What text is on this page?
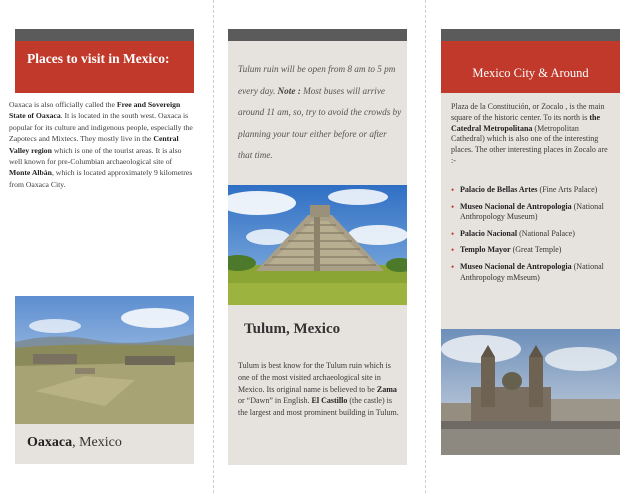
Places to visit in Mexico:
Oaxaca is also officially called the Free and Sovereign State of Oaxaca. It is located in the south west. Oaxaca is popular for its culture and indigenous people, especially the Zapotecs and Mixtecs. They mostly live in the Central Valley region which is one of the tourist areas. It is also well known for pre-Columbian archaeological site of Monte Albán, which is located approximately 9 kilometres from Oaxaca City.
Oaxaca, Mexico
Tulum ruin will be open from 8 am to 5 pm every day. Note : Most buses will arrive around 11 am, so, try to avoid the crowds by planning your tour either before or after that time.
Tulum, Mexico
Tulum is best know for the Tulum ruin which is one of the most visited archaeological site in Mexico. Its original name is believed to be Zama or “Dawn” in English. El Castillo (the castle) is the largest and most prominent building in Tulum.
Mexico City & Around
Plaza de la Constitución, or Zocalo , is the main square of the historic center. To its north is the Catedral Metropolitana (Metropolitan Cathedral) which is also one of the interesting places. The other interesting places in Zocalo are :-
• Palacio de Bellas Artes (Fine Arts Palace)
• Museo Nacional de Antropologia (National Anthropology Museum)
• Palacio Nacional (National Palace)
• Templo Mayor (Great Temple)
• Museo Nacional de Antropologia (National Anthropology mMseum)
